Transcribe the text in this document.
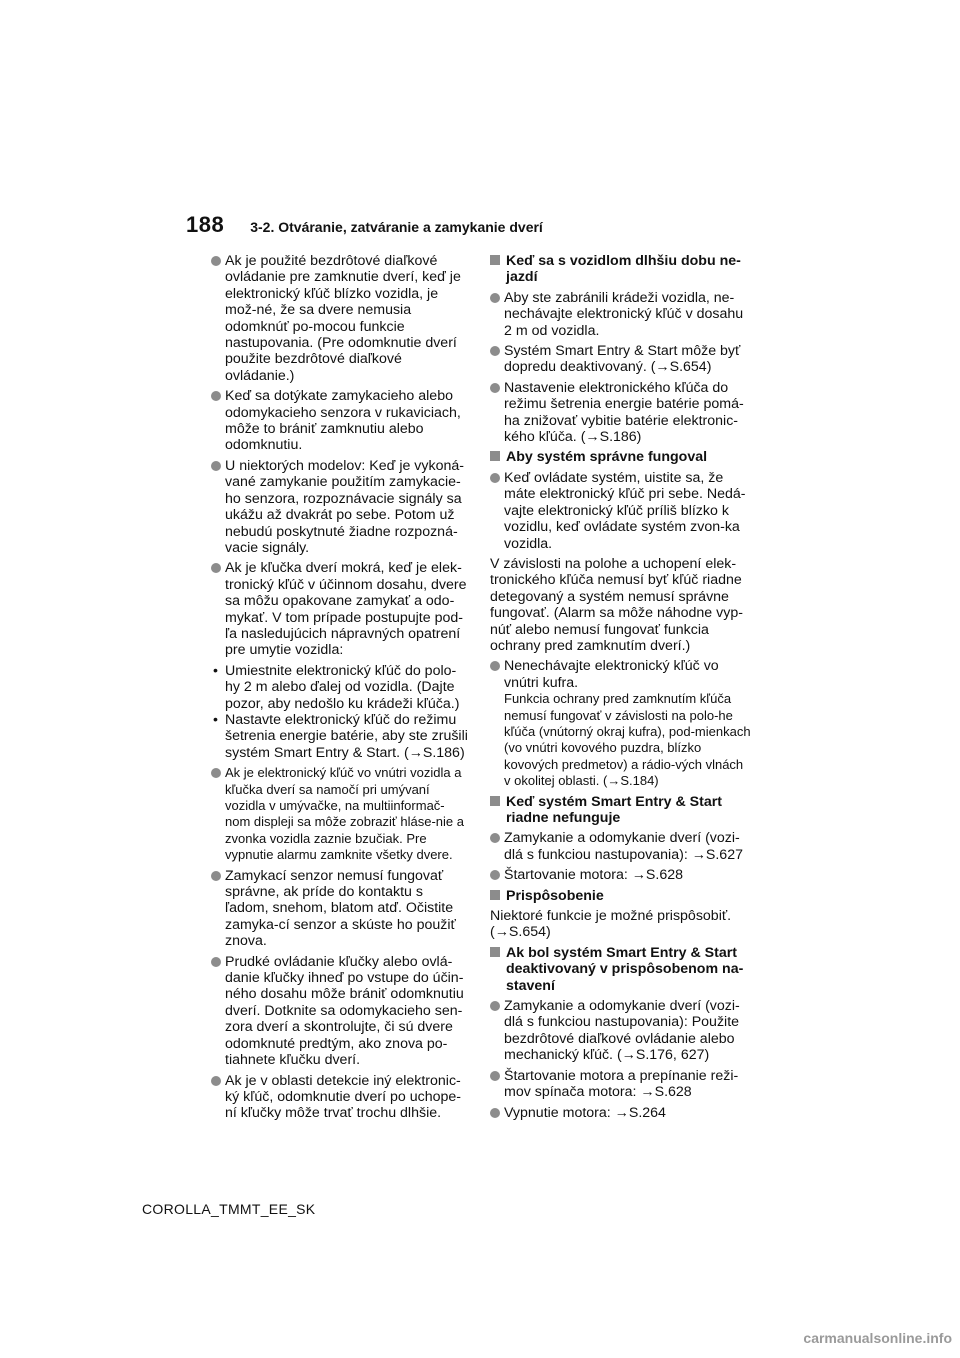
188 3-2. Otváranie, zatváranie a zamykanie dverí
Ak je použité bezdrôtové diaľkové ovládanie pre zamknutie dverí, keď je elektronický kľúč blízko vozidla, je mož-né, že sa dvere nemusia odomknúť po-mocou funkcie nastupovania. (Pre odomknutie dverí použite bezdrôtové diaľkové ovládanie.)
Keď sa dotýkate zamykacieho alebo odomykacieho senzora v rukaviciach, môže to brániť zamknutiu alebo odomknutiu.
U niektorých modelov: Keď je vykoná-vané zamykanie použitím zamykacie-ho senzora, rozpoznávacie signály sa ukážu až dvakrát po sebe. Potom už nebudú poskytnuté žiadne rozpozná-vacie signály.
Ak je kľučka dverí mokrá, keď je elek-tronický kľúč v účinnom dosahu, dvere sa môžu opakovane zamykať a odo-mykať. V tom prípade postupujte pod-ľa nasledujúcich nápravných opatrení pre umytie vozidla:
• Umiestnite elektronický kľúč do polo-hy 2 m alebo ďalej od vozidla. (Dajte pozor, aby nedošlo ku krádeži kľúča.)
• Nastavte elektronický kľúč do režimu šetrenia energie batérie, aby ste zrušili systém Smart Entry & Start. (→S.186)
Ak je elektronický kľúč vo vnútri vozidla a kľučka dverí sa namočí pri umývaní vozidla v umývačke, na multiinformač-nom displeji sa môže zobraziť hláse-nie a zvonka vozidla zaznie bzučiak. Pre vypnutie alarmu zamknite všetky dvere.
Zamykací senzor nemusí fungovať správne, ak príde do kontaktu s ľadom, snehom, blatom atď. Očistite zamyka-cí senzor a skúste ho použiť znova.
Prudké ovládanie kľučky alebo ovlá-danie kľučky ihneď po vstupe do účin-ného dosahu môže brániť odomknutiu dverí. Dotknite sa odomykacieho sen-zora dverí a skontrolujte, či sú dvere odomknuté predtým, ako znova po-tiahnete kľučku dverí.
Ak je v oblasti detekcie iný elektronic-ký kľúč, odomknutie dverí po uchope-ní kľučky môže trvať trochu dlhšie.
Keď sa s vozidlom dlhšiu dobu ne-jazdí
Aby ste zabránili krádeži vozidla, ne-nechávajte elektronický kľúč v dosahu 2 m od vozidla.
Systém Smart Entry & Start môže byť dopredu deaktivovaný. (→S.654)
Nastavenie elektronického kľúča do režimu šetrenia energie batérie pomá-ha znižovať vybitie batérie elektronic-kého kľúča. (→S.186)
Aby systém správne fungoval
Keď ovládate systém, uistite sa, že máte elektronický kľúč pri sebe. Nedá-vajte elektronický kľúč príliš blízko k vozidlu, keď ovládate systém zvon-ka vozidla.
V závislosti na polohe a uchopení elek-tronického kľúča nemusí byť kľúč riadne detegovaný a systém nemusí správne fungovať. (Alarm sa môže náhodne vyp-núť alebo nemusí fungovať funkcia ochrany pred zamknutím dverí.)
Nenechávajte elektronický kľúč vo vnútri kufra.
Funkcia ochrany pred zamknutím kľúča nemusí fungovať v závislosti na polo-he kľúča (vnútorný okraj kufra), pod-mienkach (vo vnútri kovového puzdra, blízko kovových predmetov) a rádio-vých vlnách v okolitej oblasti. (→S.184)
Keď systém Smart Entry & Start riadne nefunguje
Zamykanie a odomykanie dverí (vozi-dlá s funkciou nastupovania): →S.627
Štartovanie motora: →S.628
Prispôsobenie
Niektoré funkcie je možné prispôsobiť. (→S.654)
Ak bol systém Smart Entry & Start deaktivovaný v prispôsobenom na-stavení
Zamykanie a odomykanie dverí (vozi-dlá s funkciou nastupovania): Použite bezdrôtové diaľkové ovládanie alebo mechanický kľúč. (→S.176, 627)
Štartovanie motora a prepínanie reži-mov spínača motora: →S.628
Vypnutie motora: →S.264
COROLLA_TMMT_EE_SK
carmanualsonline.info
